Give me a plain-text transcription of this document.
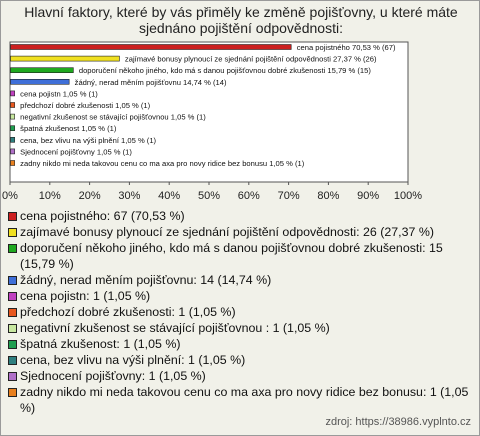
Hlavní faktory, které by vás přiměly ke změně pojišťovny, u které máte sjednáno pojištění odpovědnosti:
0% 10% 20% 30% 40% 50% 60% 70% 80% 90% 100%
cena pojistného 70,53 % (67)
zajímavé bonusy plynoucí ze sjednání pojištění odpovědnosti 27,37 % (26)
doporučení někoho jiného, kdo má s danou pojišťovnou dobré zkušenosti 15,79 % (15)
žádný, nerad měním pojišťovnu 14,74 % (14)
cena pojistn 1,05 % (1)
předchozí dobré zkušenosti 1,05 % (1)
negativní zkušenost se stávající pojišťovnou 1,05 % (1)
špatná zkušenost 1,05 % (1)
cena, bez vlivu na výši plnění 1,05 % (1)
Sjednocení pojišťovny 1,05 % (1)
zadny nikdo mi neda takovou cenu co ma axa pro novy ridice bez bonusu 1,05 % (1)
cena pojistného: 67 (70,53 %)
zajímavé bonusy plynoucí ze sjednání pojištění odpovědnosti: 26 (27,37 %)
doporučení někoho jiného, kdo má s danou pojišťovnou dobré zkušenosti: 15 (15,79 %)
žádný, nerad měním pojišťovnu: 14 (14,74 %)
cena pojistn: 1 (1,05 %)
předchozí dobré zkušenosti: 1 (1,05 %)
negativní zkušenost se stávající pojišťovnou : 1 (1,05 %)
špatná zkušenost: 1 (1,05 %)
cena, bez vlivu na výši plnění: 1 (1,05 %)
Sjednocení pojišťovny: 1 (1,05 %)
zadny nikdo mi neda takovou cenu co ma axa pro novy ridice bez bonusu: 1 (1,05 %)
zdroj: https://38986.vyplnto.cz
